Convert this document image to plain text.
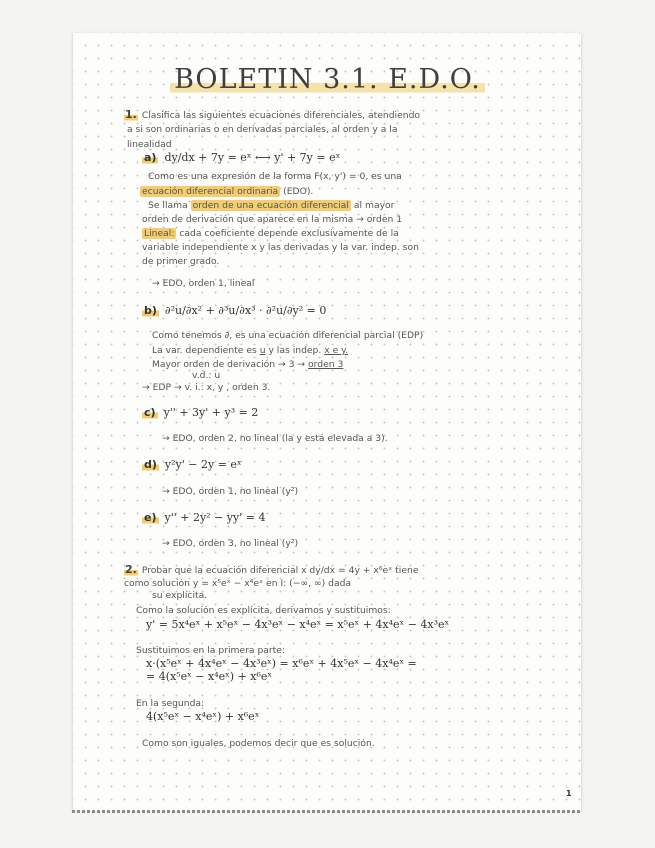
BOLETIN 3.1. E.D.O.
1. Clasifica las siguientes ecuaciones diferenciales, atendiendo
a si son ordinarias o en derivadas parciales, al orden y a la
linealidad
a) dy/dx + 7y = eˣ ⟷ y' + 7y = eˣ
Como es una expresión de la forma F(x, y') = 0, es una
ecuación diferencial ordinaria (EDO).
Se llama orden de una ecuación diferencial al mayor
orden de derivación que aparece en la misma → orden 1
Lineal: cada coeficiente depende exclusivamente de la
variable independiente x y las derivadas y la var. indep. son
de primer grado.
→ EDO, orden 1, lineal
b) ∂²u/∂x² + ∂³u/∂x³ · ∂²u/∂y² = 0
Como tenemos ∂, es una ecuación diferencial parcial (EDP)
La var. dependiente es u y las indep. x e y.
Mayor orden de derivación → 3 → orden 3
v.d.: u
→ EDP → v. i.: x, y , orden 3.
c) y'' + 3y' + y³ = 2
→ EDO, orden 2, no lineal (la y está elevada a 3).
d) y²y' − 2y = eˣ
→ EDO, orden 1, no lineal (y²)
e) y'' + 2y² − yy' = 4
→ EDO, orden 3, no lineal (y²)
2. Probar que la ecuación diferencial x dy/dx = 4y + x⁶eˣ tiene
como solución y = x⁵eˣ − x⁴eˣ en I: (−∞, ∞) dada
su explícita.
Como la solución es explícita, derivamos y sustituimos:
y' = 5x⁴eˣ + x⁵eˣ − 4x³eˣ − x⁴eˣ = x⁵eˣ + 4x⁴eˣ − 4x³eˣ
Sustituimos en la primera parte:
x·(x⁵eˣ + 4x⁴eˣ − 4x³eˣ) = x⁶eˣ + 4x⁵eˣ − 4x⁴eˣ =
= 4(x⁵eˣ − x⁴eˣ) + x⁶eˣ
En la segunda:
4(x⁵eˣ − x⁴eˣ) + x⁶eˣ
Como son iguales, podemos decir que es solución.
1
